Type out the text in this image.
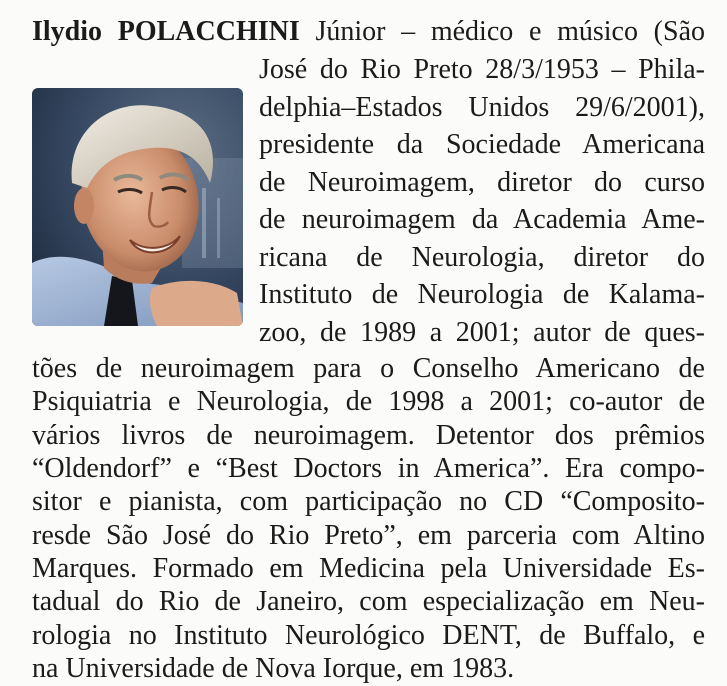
Ilydio POLACCHINI Júnior – médico e músico (São
José do Rio Preto 28/3/1953 – Phila-
delphia–Estados Unidos 29/6/2001),
presidente da Sociedade Americana
de Neuroimagem, diretor do curso
de neuroimagem da Academia Ame-
ricana de Neurologia, diretor do
Instituto de Neurologia de Kalama-
zoo, de 1989 a 2001; autor de ques-
tões de neuroimagem para o Conselho Americano de
Psiquiatria e Neurologia, de 1998 a 2001; co-autor de
vários livros de neuroimagem. Detentor dos prêmios
“Oldendorf” e “Best Doctors in America”. Era compo-
sitor e pianista, com participação no CD “Composito-
resde São José do Rio Preto”, em parceria com Altino
Marques. Formado em Medicina pela Universidade Es-
tadual do Rio de Janeiro, com especialização em Neu-
rologia no Instituto Neurológico DENT, de Buffalo, e
na Universidade de Nova Iorque, em 1983.
